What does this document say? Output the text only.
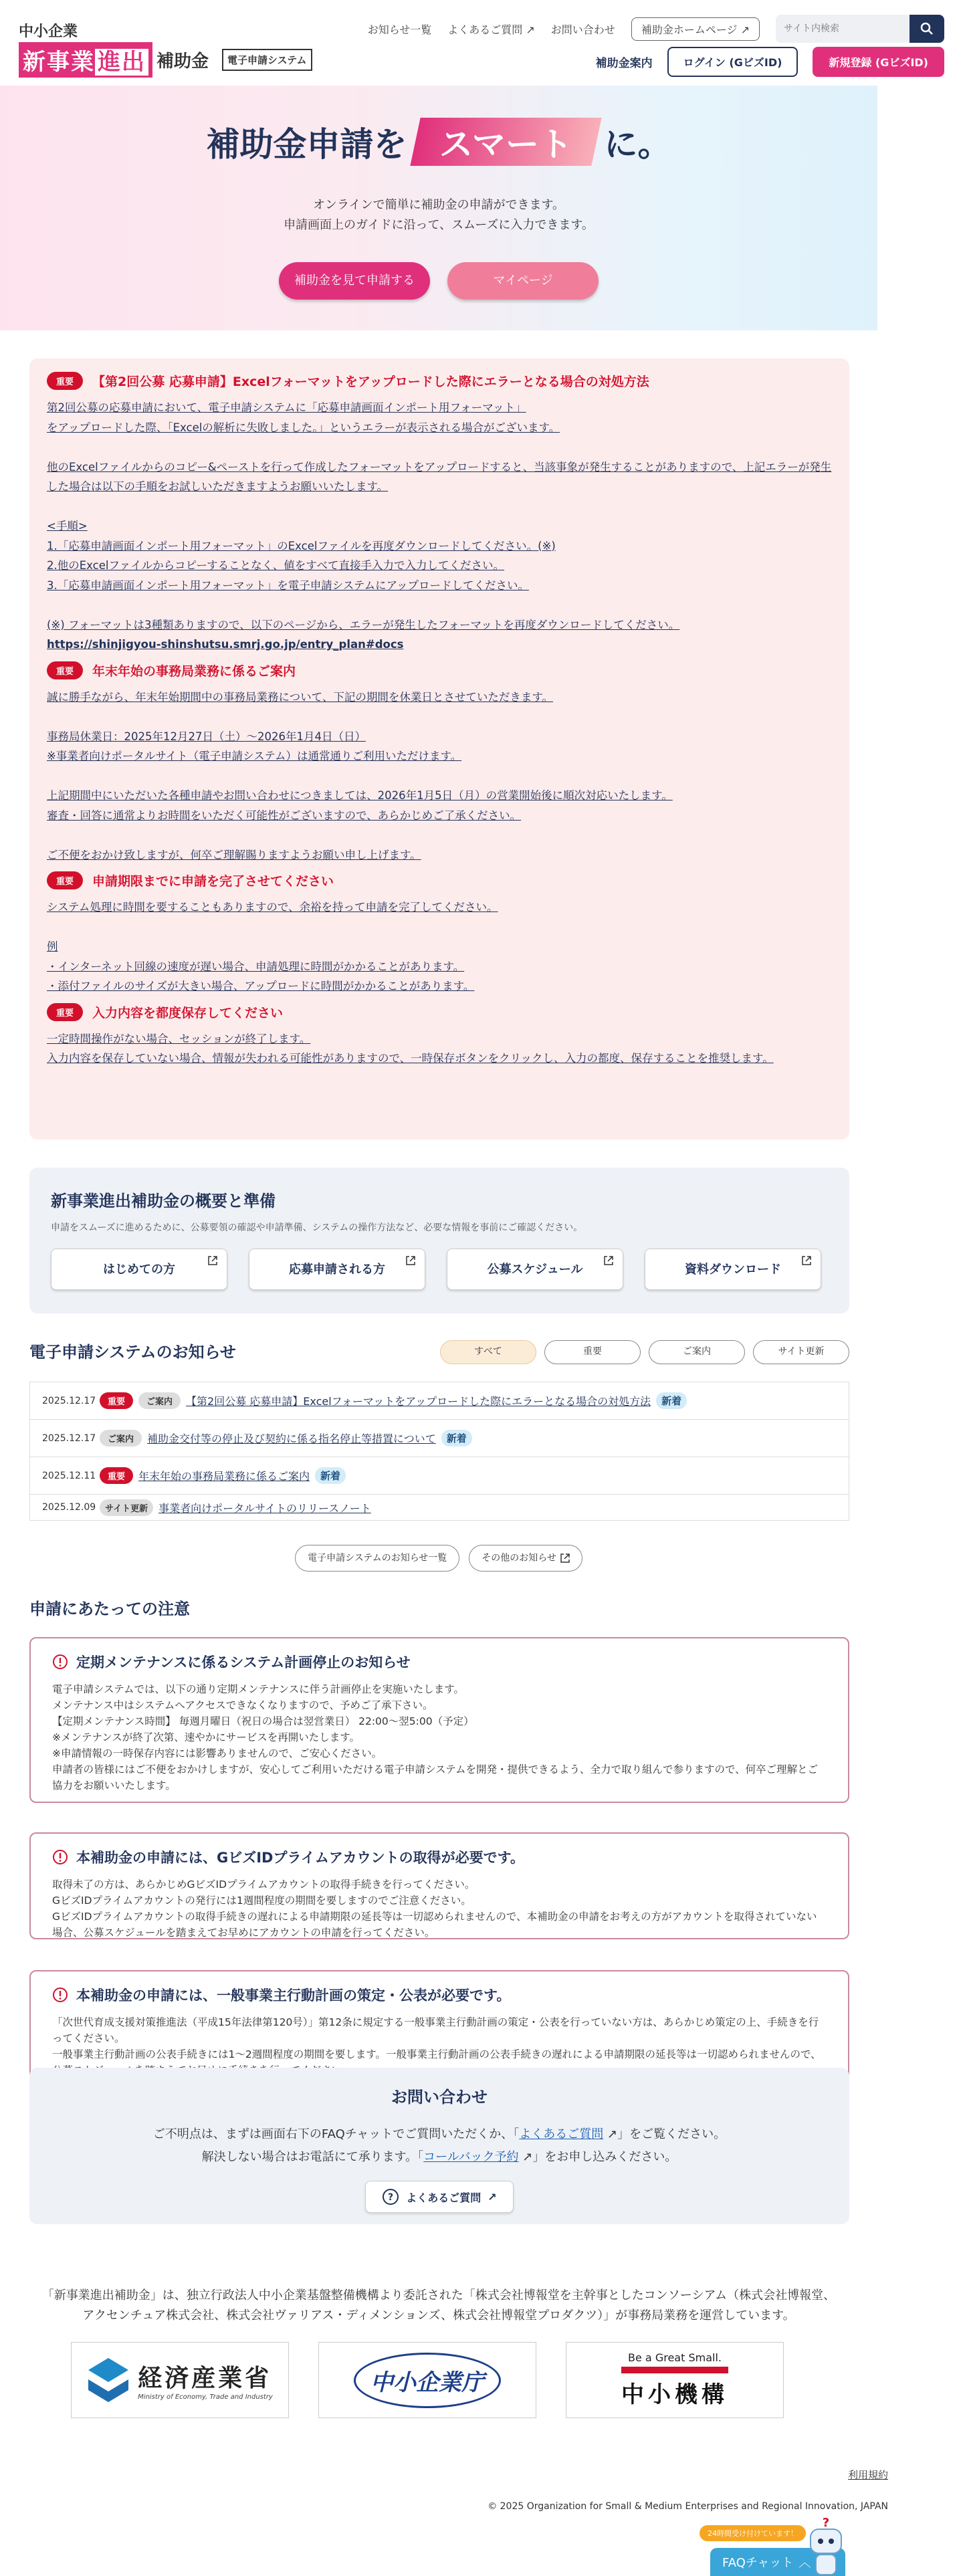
中小企業
新事業 進出 補助金	電子申請システム
お知らせ一覧 よくあるご質問 ↗ お問い合わせ	補助金ホームページ ↗
サイト内検索
補助金案内	ログイン (GビズID)	新規登録 (GビズID)
補助金申請を スマート に。

オンラインで簡単に補助金の申請ができます。

申請画面上のガイドに沿って、スムーズに入力できます。

補助金を見て申請する	マイページ
重要	【第2回公募 応募申請】Excelフォーマットをアップロードした際にエラーとなる場合の対処方法
第2回公募の応募申請において、電子申請システムに「応募申請画面インポート用フォーマット」
をアップロードした際、「Excelの解析に失敗しました。」というエラーが表示される場合がございます。
他のExcelファイルからのコピー&ペーストを行って作成したフォーマットをアップロードすると、当該事象が発生することがありますので、上記エラーが発生した場合は以下の手順をお試しいただきますようお願いいたします。
<手順>
1.「応募申請画面インポート用フォーマット」のExcelファイルを再度ダウンロードしてください。(※)
2.他のExcelファイルからコピーすることなく、値をすべて直接手入力で入力してください。
3.「応募申請画面インポート用フォーマット」を電子申請システムにアップロードしてください。
(※) フォーマットは3種類ありますので、以下のページから、エラーが発生したフォーマットを再度ダウンロードしてください。
https://shinjigyou-shinshutsu.smrj.go.jp/entry_plan#docs
重要	年末年始の事務局業務に係るご案内
誠に勝手ながら、年末年始期間中の事務局業務について、下記の期間を休業日とさせていただきます。
事務局休業日：2025年12月27日（土）〜2026年1月4日（日）
※事業者向けポータルサイト（電子申請システム）は通常通りご利用いただけます。
上記期間中にいただいた各種申請やお問い合わせにつきましては、2026年1月5日（月）の営業開始後に順次対応いたします。
審査・回答に通常よりお時間をいただく可能性がございますので、あらかじめご了承ください。
ご不便をおかけ致しますが、何卒ご理解賜りますようお願い申し上げます。
重要	申請期限までに申請を完了させてください
システム処理に時間を要することもありますので、余裕を持って申請を完了してください。
例
・インターネット回線の速度が遅い場合、申請処理に時間がかかることがあります。
・添付ファイルのサイズが大きい場合、アップロードに時間がかかることがあります。
重要	入力内容を都度保存してください
一定時間操作がない場合、セッションが終了します。
入力内容を保存していない場合、情報が失われる可能性がありますので、一時保存ボタンをクリックし、入力の都度、保存することを推奨します。
新事業進出補助金の概要と準備

申請をスムーズに進めるために、公募要領の確認や申請準備、システムの操作方法など、必要な情報を事前にご確認ください。

はじめての方	応募申請される方	公募スケジュール	資料ダウンロード
電子申請システムのお知らせ	すべて	重要	ご案内	サイト更新
2025.12.17	重要	ご案内	【第2回公募 応募申請】Excelフォーマットをアップロードした際にエラーとなる場合の対処方法	新着
2025.12.17	ご案内	補助金交付等の停止及び契約に係る指名停止等措置について	新着
2025.12.11	重要	年末年始の事務局業務に係るご案内	新着
2025.12.09	サイト更新	事業者向けポータルサイトのリリースノート
電子申請システムのお知らせ一覧	その他のお知らせ
申請にあたっての注意
定期メンテナンスに係るシステム計画停止のお知らせ
電子申請システムでは、以下の通り定期メンテナンスに伴う計画停止を実施いたします。
メンテナンス中はシステムへアクセスできなくなりますので、予めご了承下さい。
【定期メンテナンス時間】 毎週月曜日（祝日の場合は翌営業日） 22:00〜翌5:00（予定）
※メンテナンスが終了次第、速やかにサービスを再開いたします。
※申請情報の一時保存内容には影響ありませんので、ご安心ください。
申請者の皆様にはご不便をおかけしますが、安心してご利用いただける電子申請システムを開発・提供できるよう、全力で取り組んで参りますので、何卒ご理解とご協力をお願いいたします。
本補助金の申請には、GビズIDプライムアカウントの取得が必要です。
取得未了の方は、あらかじめGビズIDプライムアカウントの取得手続きを行ってください。
GビズIDプライムアカウントの発行には1週間程度の期間を要しますのでご注意ください。
GビズIDプライムアカウントの取得手続きの遅れによる申請期限の延長等は一切認められませんので、本補助金の申請をお考えの方がアカウントを取得されていない場合、公募スケジュールを踏まえてお早めにアカウントの申請を行ってください。
本補助金の申請には、一般事業主行動計画の策定・公表が必要です。
「次世代育成支援対策推進法（平成15年法律第120号）」第12条に規定する一般事業主行動計画の策定・公表を行っていない方は、あらかじめ策定の上、手続きを行ってください。
一般事業主行動計画の公表手続きには1〜2週間程度の期間を要します。一般事業主行動計画の公表手続きの遅れによる申請期限の延長等は一切認められませんので、
お問い合わせ

ご不明点は、まずは画面右下のFAQチャットでご質問いただくか、「よくあるご質問 ↗」をご覧ください。

解決しない場合はお電話にて承ります。「コールバック予約 ↗」をお申し込みください。

? よくあるご質問 ↗
「新事業進出補助金」は、独立行政法人中小企業基盤整備機構より委託された「株式会社博報堂を主幹事としたコンソーシアム（株式会社博報堂、
アクセンチュア株式会社、株式会社ヴァリアス・ディメンションズ、株式会社博報堂プロダクツ）」が事務局業務を運営しています。
経済産業省
Ministry of Economy, Trade and Industry
中小企業庁
Be a Great Small.
中小機構
利用規約
© 2025 Organization for Small & Medium Enterprises and Regional Innovation, JAPAN
24時間受け付けています！
FAQチャット ︿
?
